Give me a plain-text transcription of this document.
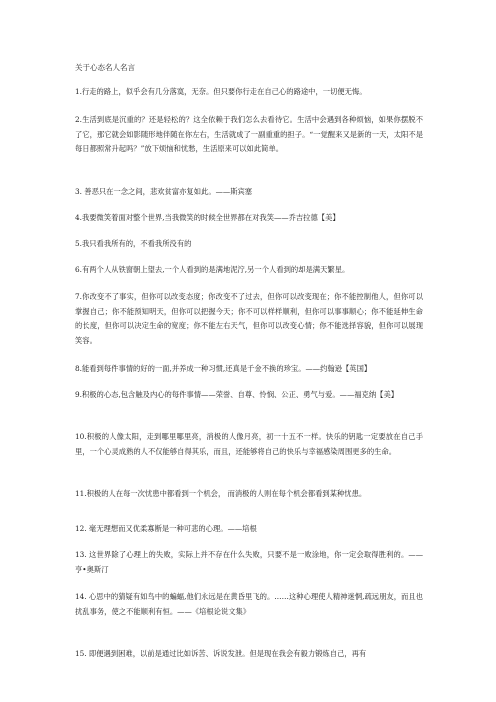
关于心态名人名言
1.行走的路上，似乎会有几分落寞，无奈。但只要你行走在自己心的路途中，一切便无悔。
2.生活到底是沉重的？还是轻松的？这全依赖于我们怎么去看待它。生活中会遇到各种烦恼，如果你摆脱不了它，那它就会如影随形地伴随在你左右，生活就成了一副重重的担子。“一觉醒来又是新的一天，太阳不是每日都照常升起吗？”放下烦恼和忧愁，生活原来可以如此简单。
3. 善恶只在一念之间，悲欢贫富亦复如此。——斯宾塞
4.我要微笑着面对整个世界,当我微笑的时候全世界都在对我笑——乔吉拉德【美】
5.我只看我所有的，不看我所没有的
6.有两个人从铁窗朝上望去,一个人看到的是满地泥泞,另一个人看到的却是满天繁星。
7.你改变不了事实，但你可以改变态度；你改变不了过去，但你可以改变现在；你不能控制他人，但你可以掌握自己；你不能预知明天，但你可以把握今天；你不可以样样顺利，但你可以事事顺心；你不能延伸生命的长度，但你可以决定生命的宽度；你不能左右天气，但你可以改变心情；你不能选择容貌，但你可以展现笑容。
8.能看到每件事情的好的一面,并养成一种习惯,还真是千金不换的珍宝。——约翰逊【英国】
9.积极的心态,包含触及内心的每件事情——荣誉、自尊、怜悯、公正、勇气与爱。——福克纳【美】
10.积极的人像太阳，走到哪里哪里亮，消极的人像月亮，初一十五不一样。快乐的钥匙一定要放在自己手里，一个心灵成熟的人不仅能够自得其乐，而且，还能够将自己的快乐与幸福感染周围更多的生命。
11.积极的人在每一次忧患中都看到一个机会， 而消极的人则在每个机会都看到某种忧患。
12. 毫无理想而又优柔寡断是一种可悲的心理。——培根
13. 这世界除了心理上的失败，实际上并不存在什么失败，只要不是一败涂地，你一定会取得胜利的。——亨•奥斯汀
14. 心思中的猜疑有如鸟中的蝙蝠,他们永远是在黄昏里飞的。……这种心理使人精神迷惘,疏远朋友，而且也扰乱事务，使之不能顺利有恒。——《培根论说文集》
15. 即便遇到困难，以前是通过比如诉苦、诉说发泄。但是现在我会有毅力锻炼自己，再有
